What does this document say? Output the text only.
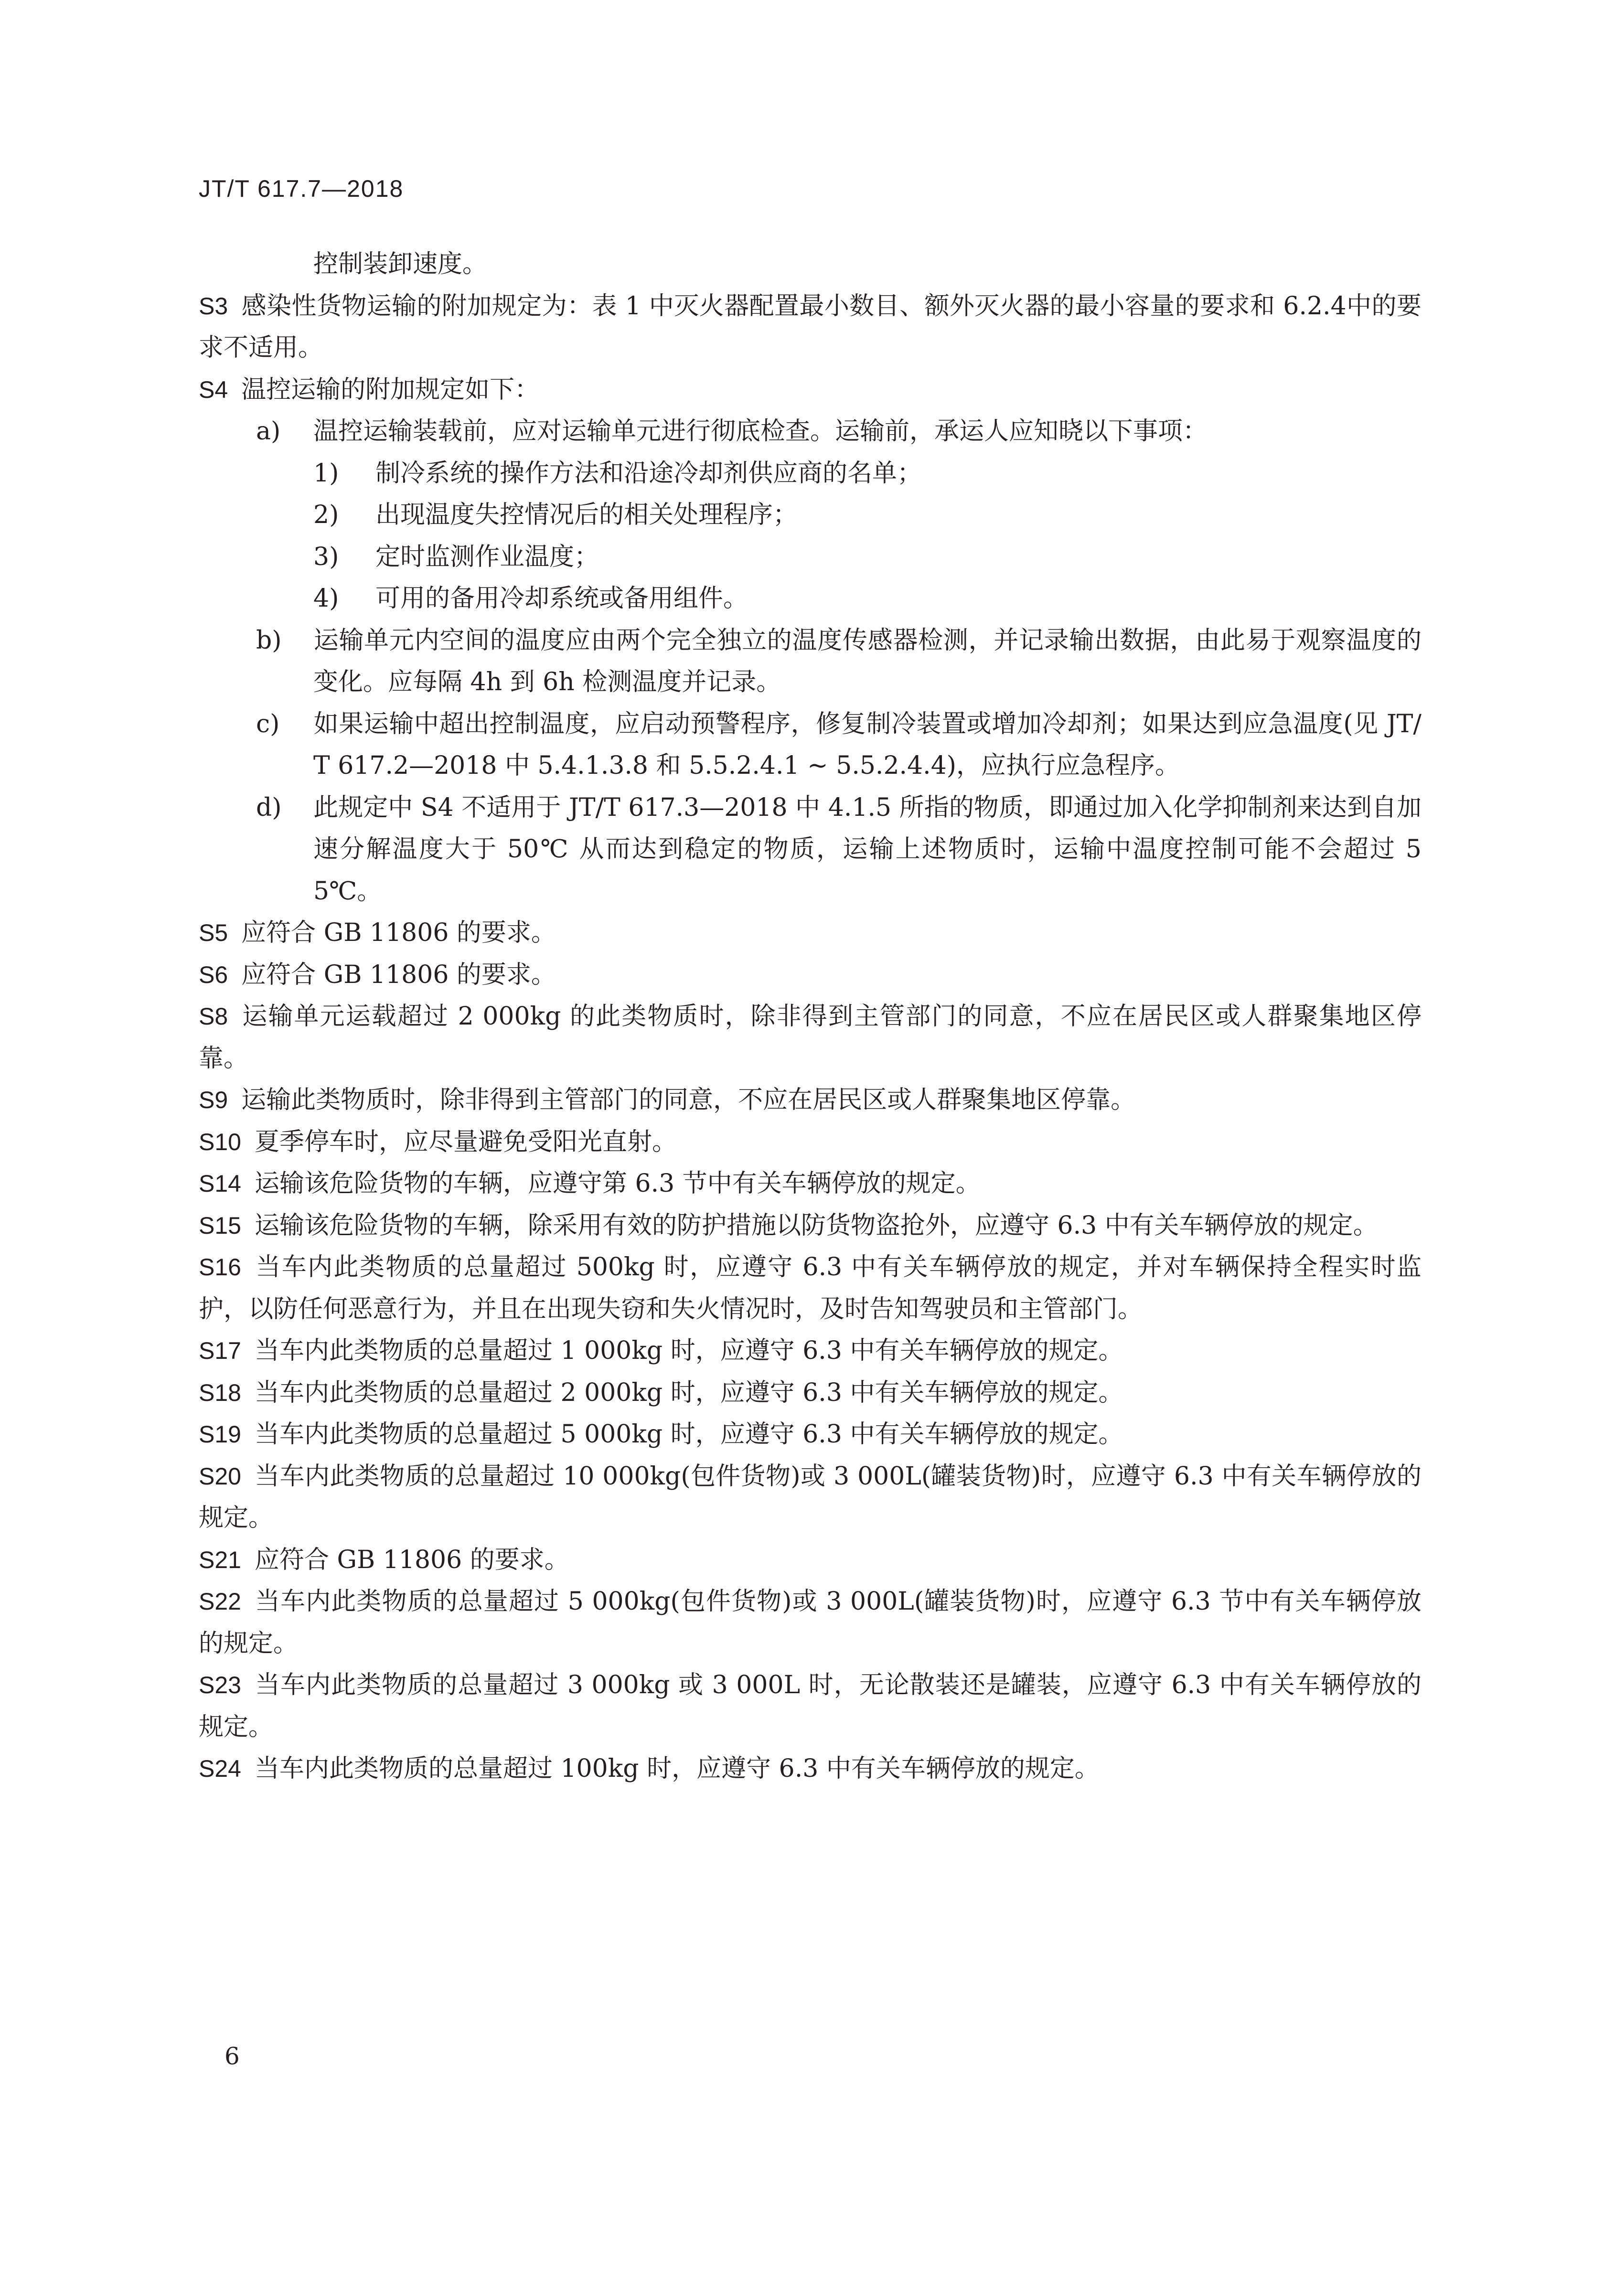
JT/T 617.7—2018

控制装卸速度。

S3 感染性货物运输的附加规定为：表 1 中灭火器配置最小数目、额外灭火器的最小容量的要求和 6.2.4中的要求不适用。

S4 温控运输的附加规定如下：

a) 温控运输装载前，应对运输单元进行彻底检查。运输前，承运人应知晓以下事项：

1) 制冷系统的操作方法和沿途冷却剂供应商的名单；

2) 出现温度失控情况后的相关处理程序；

3) 定时监测作业温度；

4) 可用的备用冷却系统或备用组件。

b) 运输单元内空间的温度应由两个完全独立的温度传感器检测，并记录输出数据，由此易于观察温度的变化。应每隔 4h 到 6h 检测温度并记录。

c) 如果运输中超出控制温度，应启动预警程序，修复制冷装置或增加冷却剂；如果达到应急温度(见 JT/T 617.2—2018 中 5.4.1.3.8 和 5.5.2.4.1 ~ 5.5.2.4.4)，应执行应急程序。

d) 此规定中 S4 不适用于 JT/T 617.3—2018 中 4.1.5 所指的物质，即通过加入化学抑制剂来达到自加速分解温度大于 50℃ 从而达到稳定的物质，运输上述物质时，运输中温度控制可能不会超过 55℃。

S5 应符合 GB 11806 的要求。

S6 应符合 GB 11806 的要求。

S8 运输单元运载超过 2 000kg 的此类物质时，除非得到主管部门的同意，不应在居民区或人群聚集地区停靠。

S9 运输此类物质时，除非得到主管部门的同意，不应在居民区或人群聚集地区停靠。

S10 夏季停车时，应尽量避免受阳光直射。

S14 运输该危险货物的车辆，应遵守第 6.3 节中有关车辆停放的规定。

S15 运输该危险货物的车辆，除采用有效的防护措施以防货物盗抢外，应遵守 6.3 中有关车辆停放的规定。

S16 当车内此类物质的总量超过 500kg 时，应遵守 6.3 中有关车辆停放的规定，并对车辆保持全程实时监护，以防任何恶意行为，并且在出现失窃和失火情况时，及时告知驾驶员和主管部门。

S17 当车内此类物质的总量超过 1 000kg 时，应遵守 6.3 中有关车辆停放的规定。

S18 当车内此类物质的总量超过 2 000kg 时，应遵守 6.3 中有关车辆停放的规定。

S19 当车内此类物质的总量超过 5 000kg 时，应遵守 6.3 中有关车辆停放的规定。

S20 当车内此类物质的总量超过 10 000kg(包件货物)或 3 000L(罐装货物)时，应遵守 6.3 中有关车辆停放的规定。

S21 应符合 GB 11806 的要求。

S22 当车内此类物质的总量超过 5 000kg(包件货物)或 3 000L(罐装货物)时，应遵守 6.3 节中有关车辆停放的规定。

S23 当车内此类物质的总量超过 3 000kg 或 3 000L 时，无论散装还是罐装，应遵守 6.3 中有关车辆停放的规定。

S24 当车内此类物质的总量超过 100kg 时，应遵守 6.3 中有关车辆停放的规定。

6
